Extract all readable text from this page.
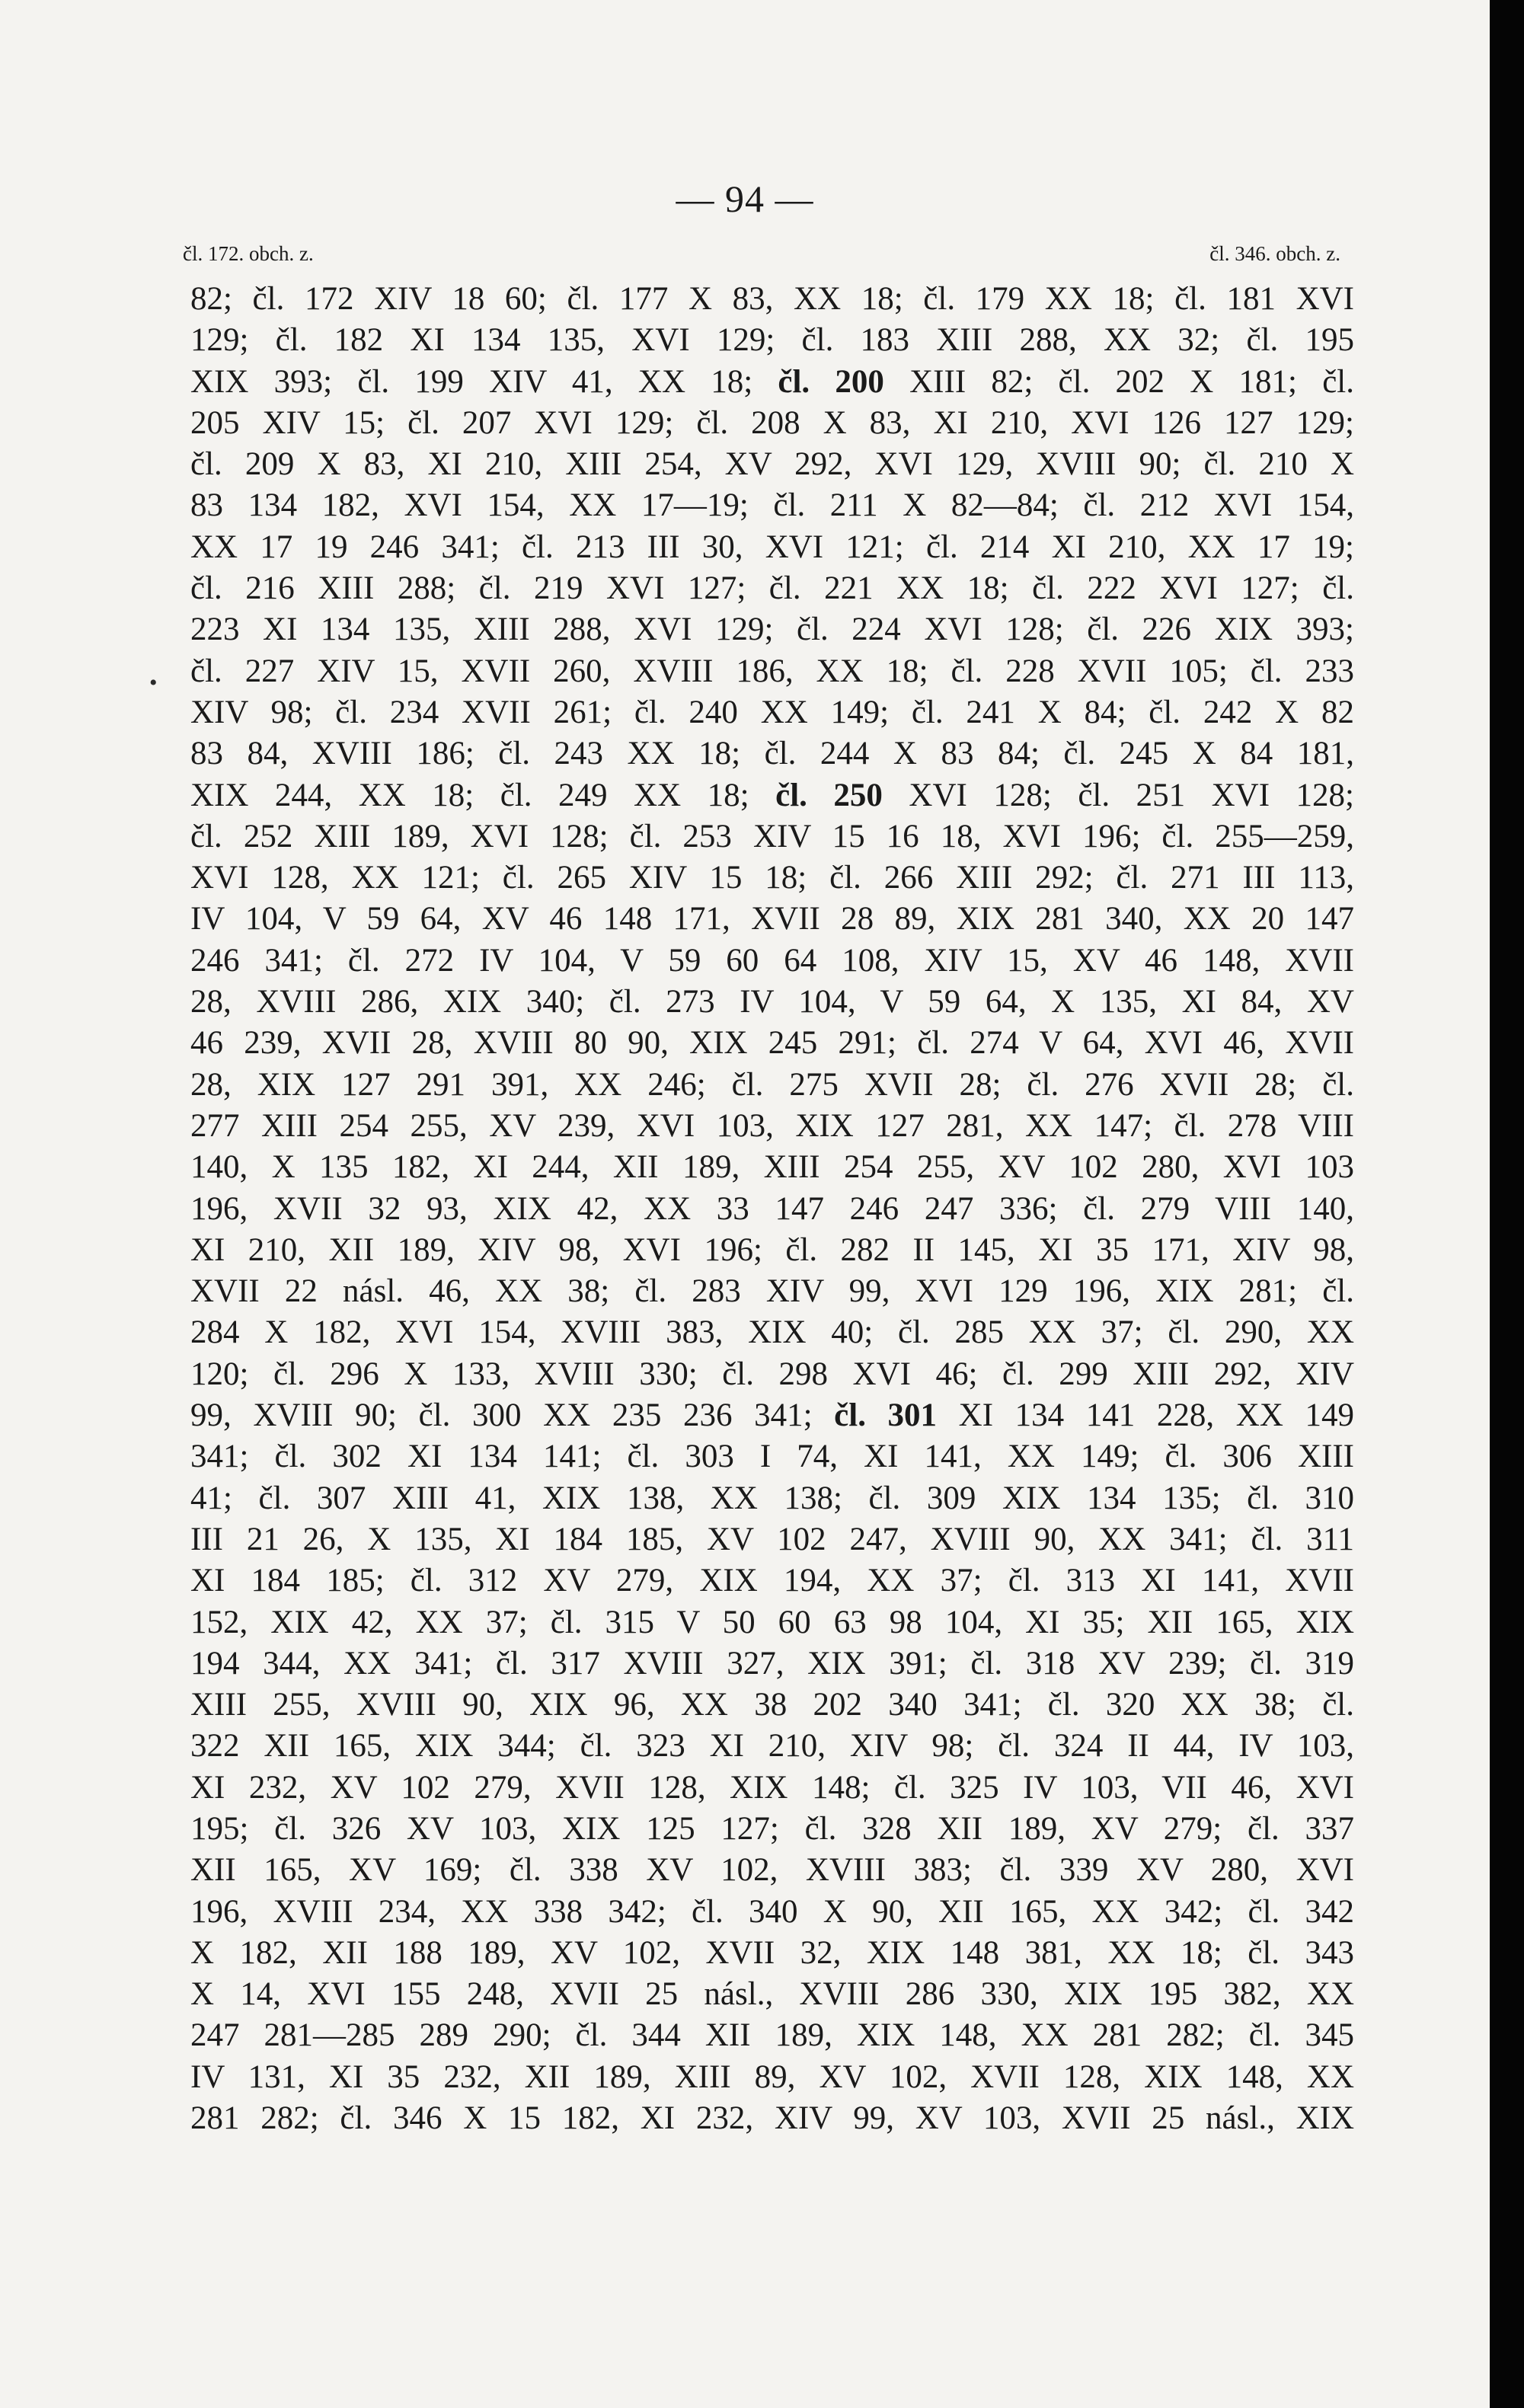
— 94 —
čl. 172. obch. z.	čl. 346. obch. z.
82; čl. 172 XIV 18 60; čl. 177 X 83, XX 18; čl. 179 XX 18; čl. 181 XVI
129; čl. 182 XI 134 135, XVI 129; čl. 183 XIII 288, XX 32; čl. 195
XIX 393; čl. 199 XIV 41, XX 18; čl. 200 XIII 82; čl. 202 X 181; čl.
205 XIV 15; čl. 207 XVI 129; čl. 208 X 83, XI 210, XVI 126 127 129;
čl. 209 X 83, XI 210, XIII 254, XV 292, XVI 129, XVIII 90; čl. 210 X
83 134 182, XVI 154, XX 17—19; čl. 211 X 82—84; čl. 212 XVI 154,
XX 17 19 246 341; čl. 213 III 30, XVI 121; čl. 214 XI 210, XX 17 19;
čl. 216 XIII 288; čl. 219 XVI 127; čl. 221 XX 18; čl. 222 XVI 127; čl.
223 XI 134 135, XIII 288, XVI 129; čl. 224 XVI 128; čl. 226 XIX 393;
čl. 227 XIV 15, XVII 260, XVIII 186, XX 18; čl. 228 XVII 105; čl. 233
XIV 98; čl. 234 XVII 261; čl. 240 XX 149; čl. 241 X 84; čl. 242 X 82
83 84, XVIII 186; čl. 243 XX 18; čl. 244 X 83 84; čl. 245 X 84 181,
XIX 244, XX 18; čl. 249 XX 18; čl. 250 XVI 128; čl. 251 XVI 128;
čl. 252 XIII 189, XVI 128; čl. 253 XIV 15 16 18, XVI 196; čl. 255—259,
XVI 128, XX 121; čl. 265 XIV 15 18; čl. 266 XIII 292; čl. 271 III 113,
IV 104, V 59 64, XV 46 148 171, XVII 28 89, XIX 281 340, XX 20 147
246 341; čl. 272 IV 104, V 59 60 64 108, XIV 15, XV 46 148, XVII
28, XVIII 286, XIX 340; čl. 273 IV 104, V 59 64, X 135, XI 84, XV
46 239, XVII 28, XVIII 80 90, XIX 245 291; čl. 274 V 64, XVI 46, XVII
28, XIX 127 291 391, XX 246; čl. 275 XVII 28; čl. 276 XVII 28; čl.
277 XIII 254 255, XV 239, XVI 103, XIX 127 281, XX 147; čl. 278 VIII
140, X 135 182, XI 244, XII 189, XIII 254 255, XV 102 280, XVI 103
196, XVII 32 93, XIX 42, XX 33 147 246 247 336; čl. 279 VIII 140,
XI 210, XII 189, XIV 98, XVI 196; čl. 282 II 145, XI 35 171, XIV 98,
XVII 22 násl. 46, XX 38; čl. 283 XIV 99, XVI 129 196, XIX 281; čl.
284 X 182, XVI 154, XVIII 383, XIX 40; čl. 285 XX 37; čl. 290, XX
120; čl. 296 X 133, XVIII 330; čl. 298 XVI 46; čl. 299 XIII 292, XIV
99, XVIII 90; čl. 300 XX 235 236 341; čl. 301 XI 134 141 228, XX 149
341; čl. 302 XI 134 141; čl. 303 I 74, XI 141, XX 149; čl. 306 XIII
41; čl. 307 XIII 41, XIX 138, XX 138; čl. 309 XIX 134 135; čl. 310
III 21 26, X 135, XI 184 185, XV 102 247, XVIII 90, XX 341; čl. 311
XI 184 185; čl. 312 XV 279, XIX 194, XX 37; čl. 313 XI 141, XVII
152, XIX 42, XX 37; čl. 315 V 50 60 63 98 104, XI 35; XII 165, XIX
194 344, XX 341; čl. 317 XVIII 327, XIX 391; čl. 318 XV 239; čl. 319
XIII 255, XVIII 90, XIX 96, XX 38 202 340 341; čl. 320 XX 38; čl.
322 XII 165, XIX 344; čl. 323 XI 210, XIV 98; čl. 324 II 44, IV 103,
XI 232, XV 102 279, XVII 128, XIX 148; čl. 325 IV 103, VII 46, XVI
195; čl. 326 XV 103, XIX 125 127; čl. 328 XII 189, XV 279; čl. 337
XII 165, XV 169; čl. 338 XV 102, XVIII 383; čl. 339 XV 280, XVI
196, XVIII 234, XX 338 342; čl. 340 X 90, XII 165, XX 342; čl. 342
X 182, XII 188 189, XV 102, XVII 32, XIX 148 381, XX 18; čl. 343
X 14, XVI 155 248, XVII 25 násl., XVIII 286 330, XIX 195 382, XX
247 281—285 289 290; čl. 344 XII 189, XIX 148, XX 281 282; čl. 345
IV 131, XI 35 232, XII 189, XIII 89, XV 102, XVII 128, XIX 148, XX
281 282; čl. 346 X 15 182, XI 232, XIV 99, XV 103, XVII 25 násl., XIX
•
